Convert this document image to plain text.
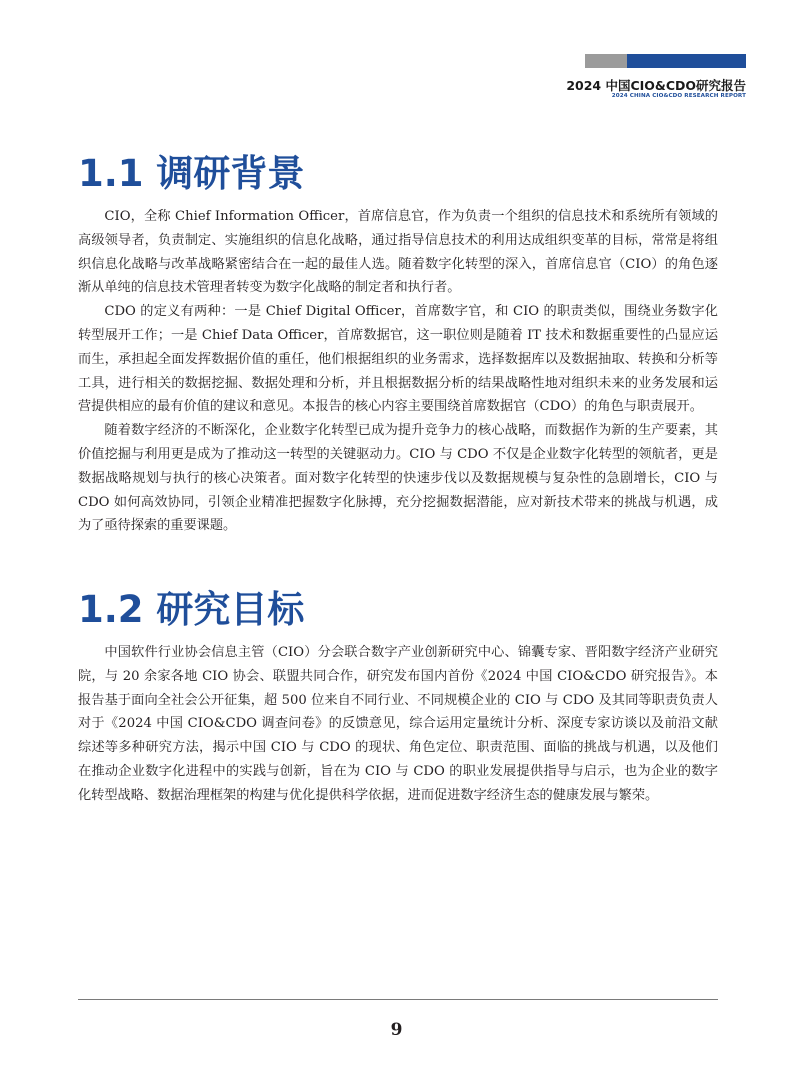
2024 中国CIO&CDO研究报告
2024 CHINA CIO&CDO RESEARCH REPORT
1.1 调研背景

CIO，全称 Chief Information Officer，首席信息官，作为负责一个组织的信息技术和系统所有领域的高级领导者，负责制定、实施组织的信息化战略，通过指导信息技术的利用达成组织变革的目标，常常是将组织信息化战略与改革战略紧密结合在一起的最佳人选。随着数字化转型的深入，首席信息官（CIO）的角色逐渐从单纯的信息技术管理者转变为数字化战略的制定者和执行者。

CDO 的定义有两种：一是 Chief Digital Officer，首席数字官，和 CIO 的职责类似，围绕业务数字化转型展开工作；一是 Chief Data Officer，首席数据官，这一职位则是随着 IT 技术和数据重要性的凸显应运而生，承担起全面发挥数据价值的重任，他们根据组织的业务需求，选择数据库以及数据抽取、转换和分析等工具，进行相关的数据挖掘、数据处理和分析，并且根据数据分析的结果战略性地对组织未来的业务发展和运营提供相应的最有价值的建议和意见。本报告的核心内容主要围绕首席数据官（CDO）的角色与职责展开。

随着数字经济的不断深化，企业数字化转型已成为提升竞争力的核心战略，而数据作为新的生产要素，其价值挖掘与利用更是成为了推动这一转型的关键驱动力。CIO 与 CDO 不仅是企业数字化转型的领航者，更是数据战略规划与执行的核心决策者。面对数字化转型的快速步伐以及数据规模与复杂性的急剧增长，CIO 与 CDO 如何高效协同，引领企业精准把握数字化脉搏，充分挖掘数据潜能，应对新技术带来的挑战与机遇，成为了亟待探索的重要课题。

1.2 研究目标

中国软件行业协会信息主管（CIO）分会联合数字产业创新研究中心、锦囊专家、晋阳数字经济产业研究院，与 20 余家各地 CIO 协会、联盟共同合作，研究发布国内首份《2024 中国 CIO&CDO 研究报告》。本报告基于面向全社会公开征集，超 500 位来自不同行业、不同规模企业的 CIO 与 CDO 及其同等职责负责人对于《2024 中国 CIO&CDO 调查问卷》的反馈意见，综合运用定量统计分析、深度专家访谈以及前沿文献综述等多种研究方法，揭示中国 CIO 与 CDO 的现状、角色定位、职责范围、面临的挑战与机遇，以及他们在推动企业数字化进程中的实践与创新，旨在为 CIO 与 CDO 的职业发展提供指导与启示，也为企业的数字化转型战略、数据治理框架的构建与优化提供科学依据，进而促进数字经济生态的健康发展与繁荣。

9
